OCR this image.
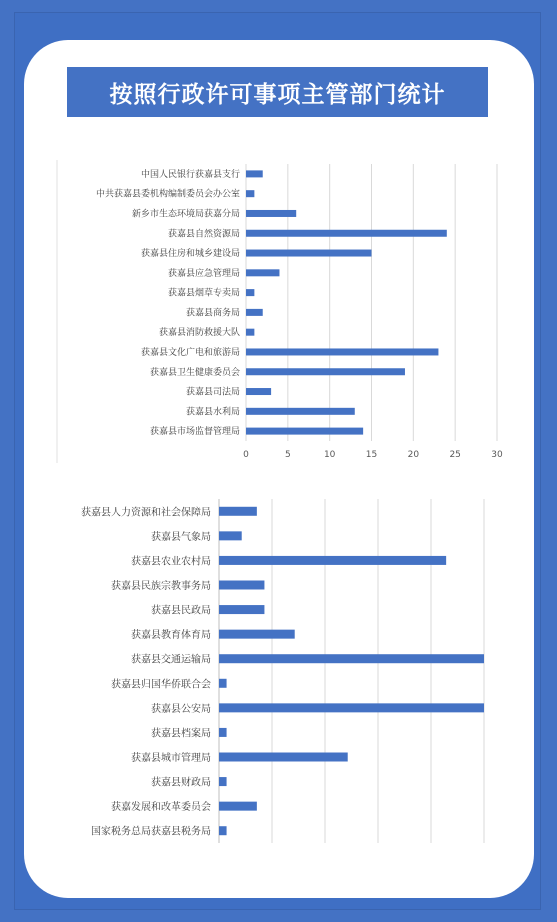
按照行政许可事项主管部门统计
0	5	10	15	20	25	30
中国人民银行获嘉县支行
中共获嘉县委机构编制委员会办公室
新乡市生态环境局获嘉分局
获嘉县自然资源局
获嘉县住房和城乡建设局
获嘉县应急管理局
获嘉县烟草专卖局
获嘉县商务局
获嘉县消防救援大队
获嘉县文化广电和旅游局
获嘉县卫生健康委员会
获嘉县司法局
获嘉县水利局
获嘉县市场监督管理局
获嘉县人力资源和社会保障局
获嘉县气象局
获嘉县农业农村局
获嘉县民族宗教事务局
获嘉县民政局
获嘉县教育体育局
获嘉县交通运输局
获嘉县归国华侨联合会
获嘉县公安局
获嘉县档案局
获嘉县城市管理局
获嘉县财政局
获嘉发展和改革委员会
国家税务总局获嘉县税务局
